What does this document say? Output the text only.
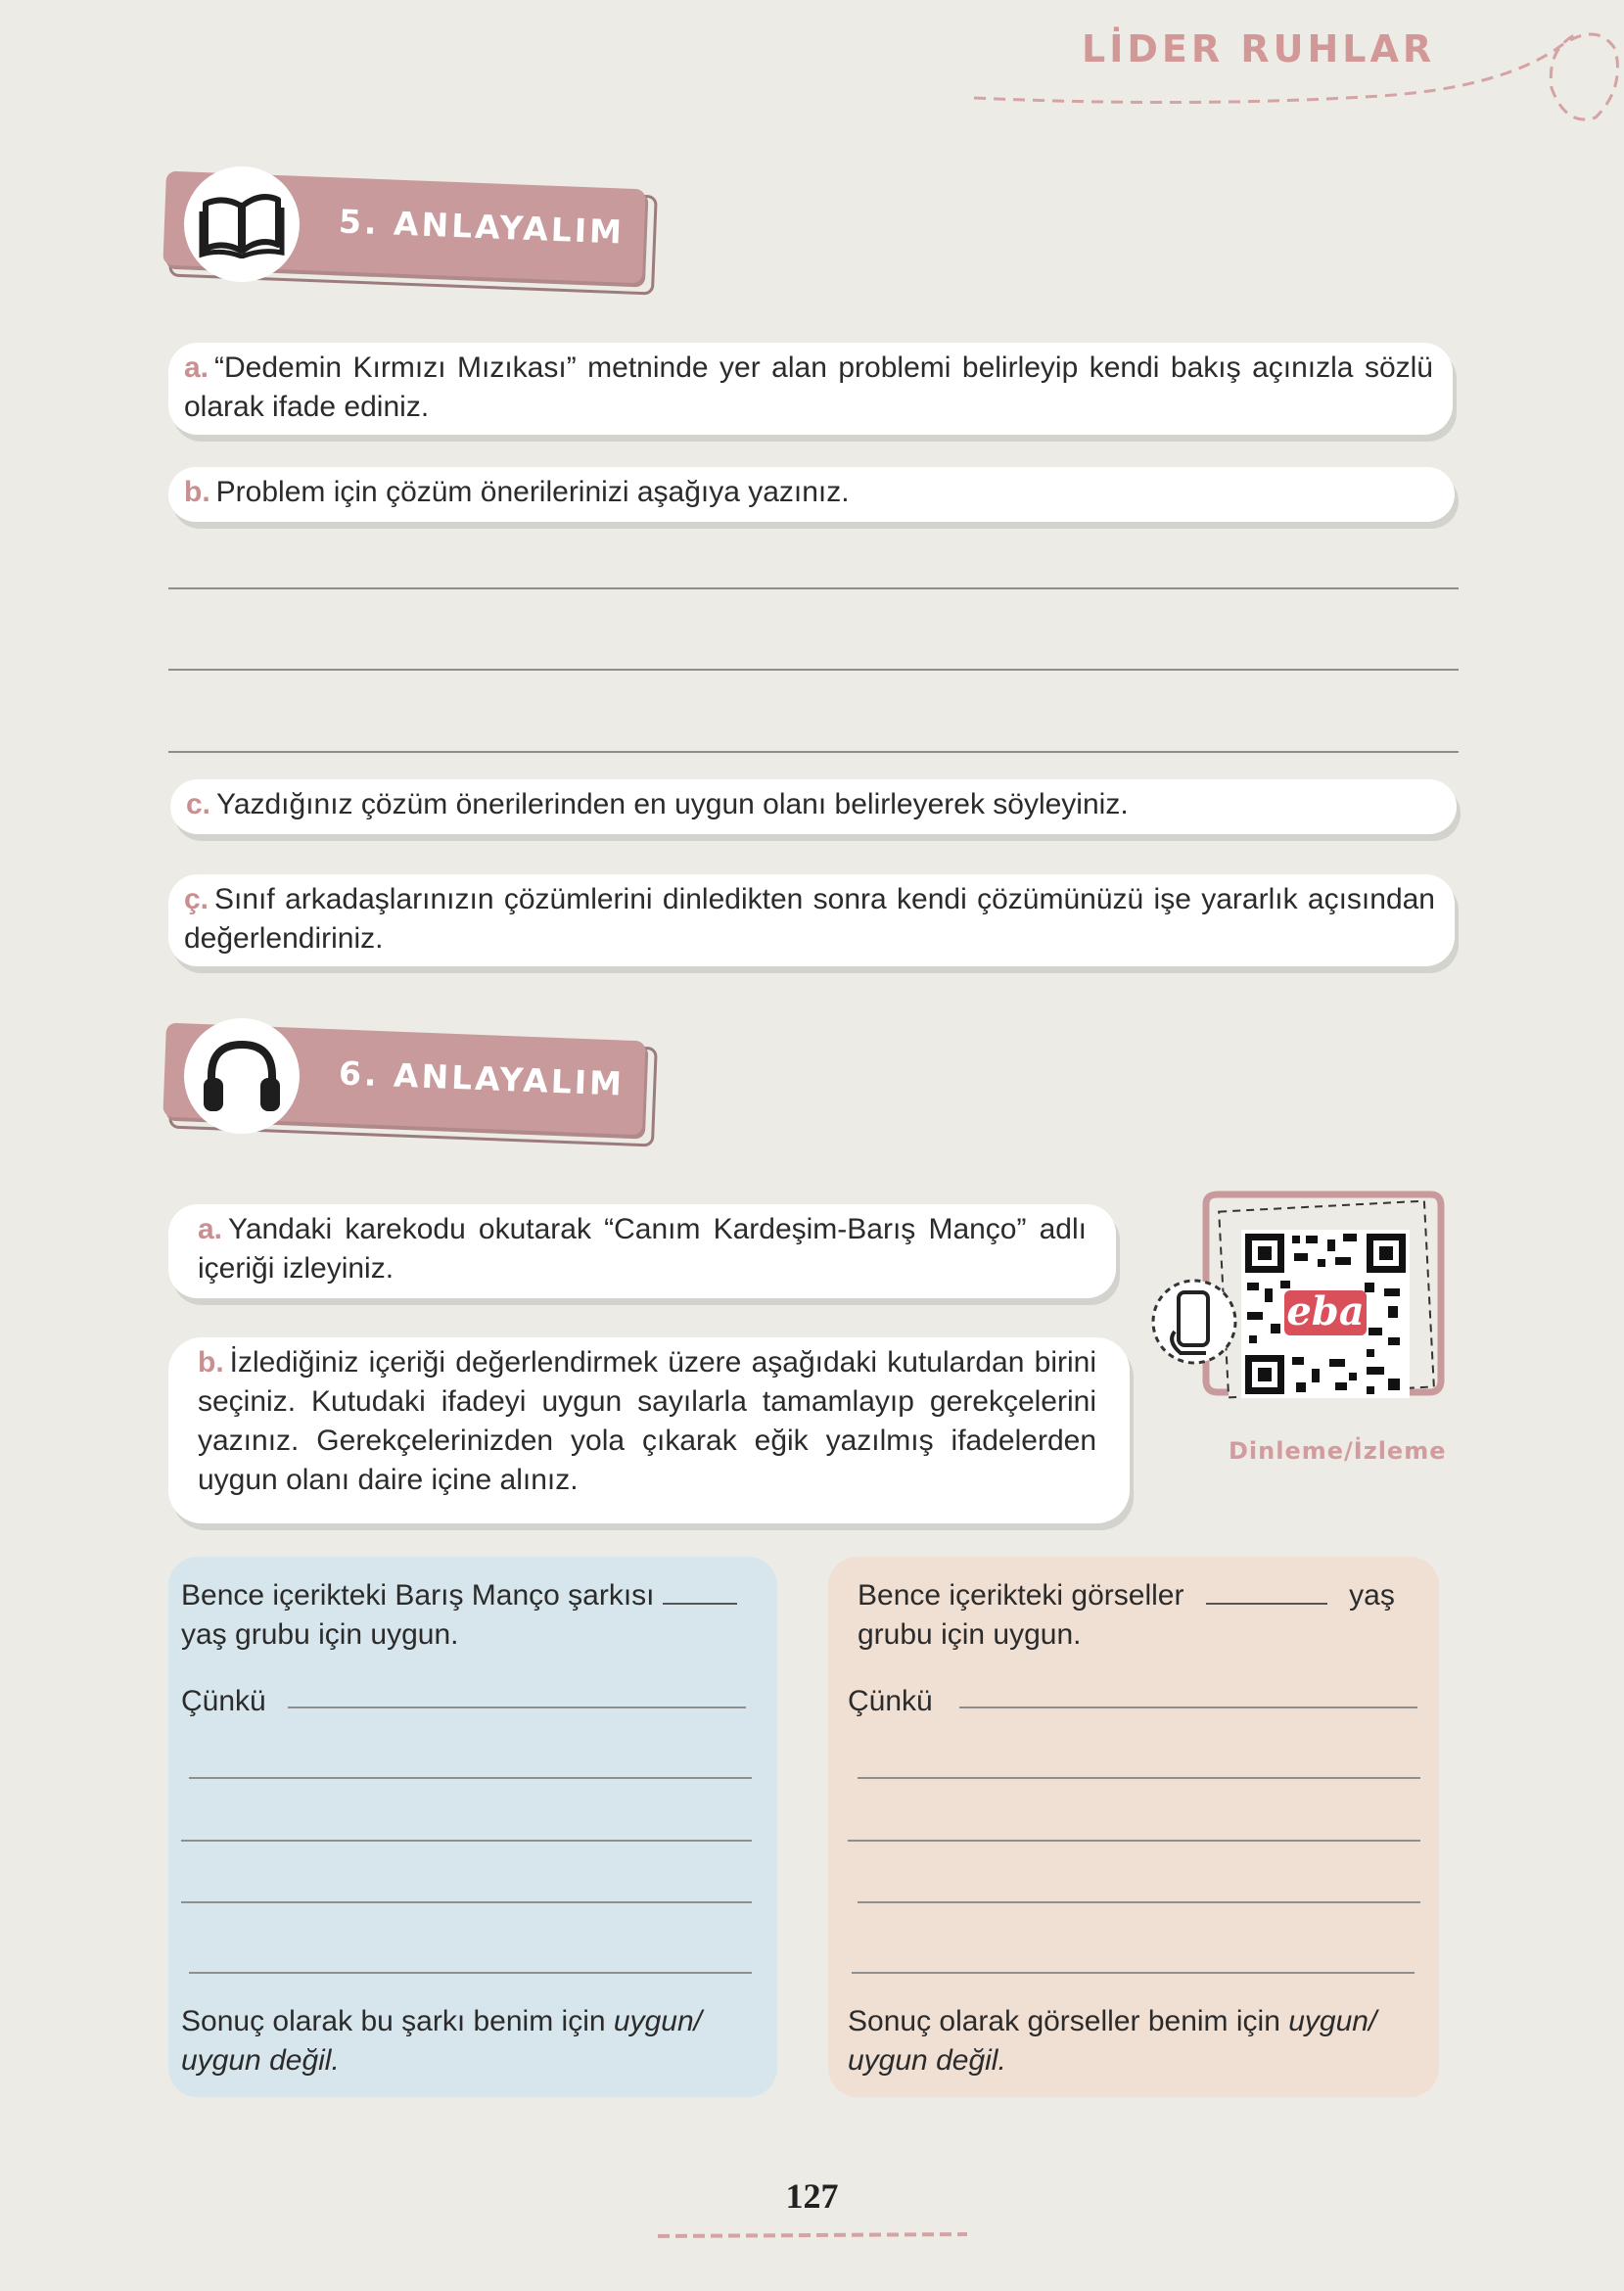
LİDER RUHLAR
5. ANLAYALIM
a. “Dedemin Kırmızı Mızıkası” metninde yer alan problemi belirleyip kendi bakış açınızla sözlü olarak ifade ediniz.
b. Problem için çözüm önerilerinizi aşağıya yazınız.
c. Yazdığınız çözüm önerilerinden en uygun olanı belirleyerek söyleyiniz.
ç. Sınıf arkadaşlarınızın çözümlerini dinledikten sonra kendi çözümünüzü işe yararlık açısından değerlendiriniz.
6. ANLAYALIM
a. Yandaki karekodu okutarak “Canım Kardeşim-Barış Manço” adlı içeriği izleyiniz.
b. İzlediğiniz içeriği değerlendirmek üzere aşağıdaki kutulardan birini seçiniz. Kutudaki ifadeyi uygun sayılarla tamamlayıp gerekçelerini yazınız. Gerekçelerinizden yola çıkarak eğik yazılmış ifadelerden uygun olanı daire içine alınız.
eba
Dinleme/İzleme
Bence içerikteki Barış Manço şarkısı
yaş grubu için uygun.
Çünkü
Sonuç olarak bu şarkı benim için uygun/ uygun değil.
Bence içerikteki görseller	yaş
grubu için uygun.
Çünkü
Sonuç olarak görseller benim için uygun/ uygun değil.
127
